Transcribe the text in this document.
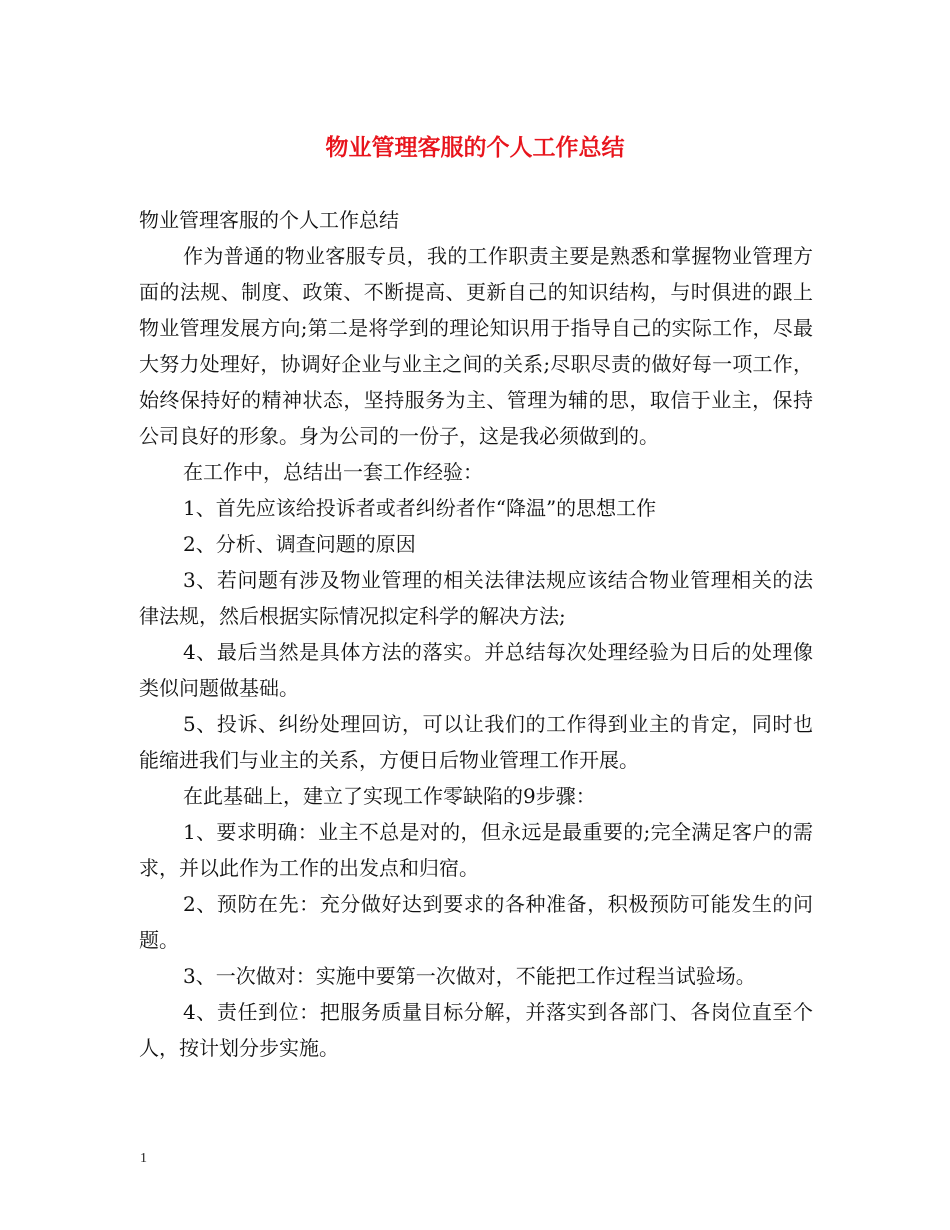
物业管理客服的个人工作总结

物业管理客服的个人工作总结

作为普通的物业客服专员，我的工作职责主要是熟悉和掌握物业管理方面的法规、制度、政策、不断提高、更新自己的知识结构，与时俱进的跟上物业管理发展方向;第二是将学到的理论知识用于指导自己的实际工作，尽最大努力处理好，协调好企业与业主之间的关系;尽职尽责的做好每一项工作，始终保持好的精神状态，坚持服务为主、管理为辅的思，取信于业主，保持公司良好的形象。身为公司的一份子，这是我必须做到的。

在工作中，总结出一套工作经验：

1、首先应该给投诉者或者纠纷者作“降温”的思想工作

2、分析、调查问题的原因

3、若问题有涉及物业管理的相关法律法规应该结合物业管理相关的法律法规，然后根据实际情况拟定科学的解决方法;

4、最后当然是具体方法的落实。并总结每次处理经验为日后的处理像类似问题做基础。

5、投诉、纠纷处理回访，可以让我们的工作得到业主的肯定，同时也能缩进我们与业主的关系，方便日后物业管理工作开展。

在此基础上，建立了实现工作零缺陷的9步骤：

1、要求明确：业主不总是对的，但永远是最重要的;完全满足客户的需求，并以此作为工作的出发点和归宿。

2、预防在先：充分做好达到要求的各种准备，积极预防可能发生的问题。

3、一次做对：实施中要第一次做对，不能把工作过程当试验场。

4、责任到位：把服务质量目标分解，并落实到各部门、各岗位直至个人，按计划分步实施。

1
